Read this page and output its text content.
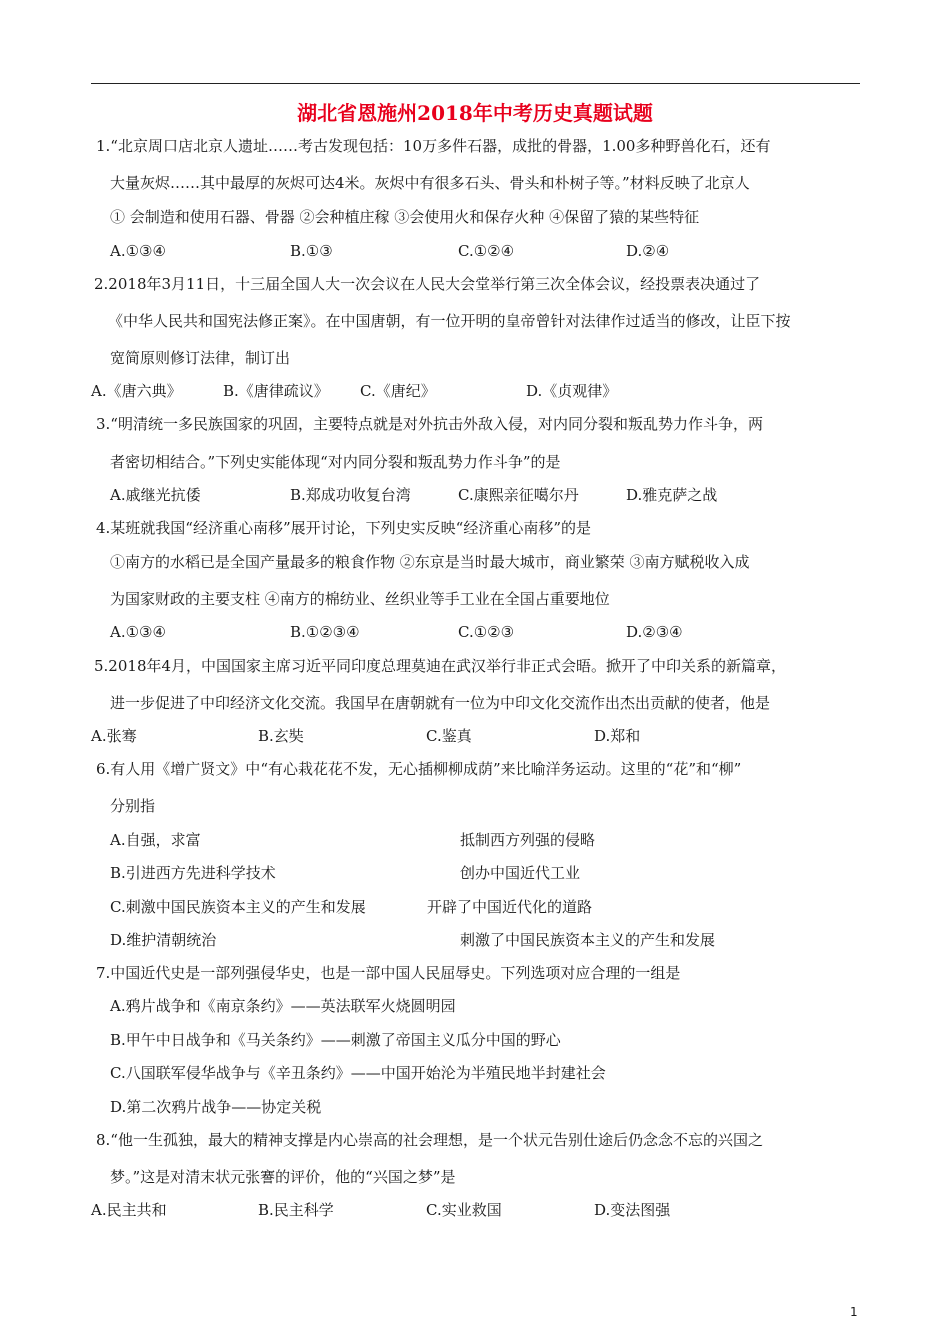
湖北省恩施州2018年中考历史真题试题
1.“北京周口店北京人遗址……考古发现包括：10万多件石器，成批的骨器，1.00多种野兽化石，还有
大量灰烬……其中最厚的灰烬可达4米。灰烬中有很多石头、骨头和朴树子等。”材料反映了北京人
① 会制造和使用石器、骨器 ②会种植庄稼 ③会使用火和保存火种 ④保留了猿的某些特征
A.①③④	B.①③	C.①②④	D.②④
2.2018年3月11日，十三届全国人大一次会议在人民大会堂举行第三次全体会议，经投票表决通过了
《中华人民共和国宪法修正案》。在中国唐朝，有一位开明的皇帝曾针对法律作过适当的修改，让臣下按
宽简原则修订法律，制订出
A.《唐六典》	B.《唐律疏议》 C.《唐纪》	D.《贞观律》
3.“明清统一多民族国家的巩固，主要特点就是对外抗击外敌入侵，对内同分裂和叛乱势力作斗争，两
者密切相结合。”下列史实能体现“对内同分裂和叛乱势力作斗争”的是
A.戚继光抗倭	B.郑成功收复台湾	C.康熙亲征噶尔丹	D.雅克萨之战
4.某班就我国“经济重心南移”展开讨论，下列史实反映“经济重心南移”的是
①南方的水稻已是全国产量最多的粮食作物 ②东京是当时最大城市，商业繁荣 ③南方赋税收入成
为国家财政的主要支柱 ④南方的棉纺业、丝织业等手工业在全国占重要地位
A.①③④	B.①②③④	C.①②③	D.②③④
5.2018年4月，中国国家主席习近平同印度总理莫迪在武汉举行非正式会晤。掀开了中印关系的新篇章，
进一步促进了中印经济文化交流。我国早在唐朝就有一位为中印文化交流作出杰出贡献的使者，他是
A.张骞	B.玄奘	C.鉴真	D.郑和
6.有人用《增广贤文》中“有心栽花花不发，无心插柳柳成荫”来比喻洋务运动。这里的“花”和“柳”
分别指
A.自强，求富	抵制西方列强的侵略
B.引进西方先进科学技术	创办中国近代工业
C.刺激中国民族资本主义的产生和发展	开辟了中国近代化的道路
D.维护清朝统治	刺激了中国民族资本主义的产生和发展
7.中国近代史是一部列强侵华史，也是一部中国人民屈辱史。下列选项对应合理的一组是
A.鸦片战争和《南京条约》——英法联军火烧圆明园
B.甲午中日战争和《马关条约》——刺激了帝国主义瓜分中国的野心
C.八国联军侵华战争与《辛丑条约》——中国开始沦为半殖民地半封建社会
D.第二次鸦片战争——协定关税
8.“他一生孤独，最大的精神支撑是内心崇高的社会理想，是一个状元告别仕途后仍念念不忘的兴国之
梦。”这是对清末状元张謇的评价，他的“兴国之梦”是
A.民主共和	B.民主科学	C.实业救国	D.变法图强
1
